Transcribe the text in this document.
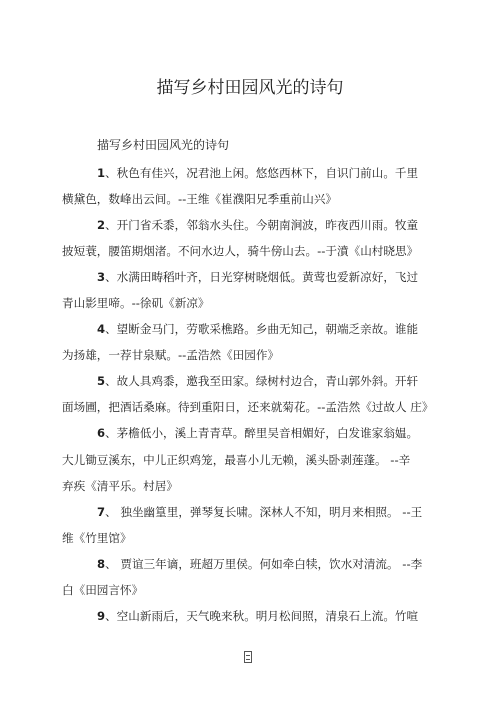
描写乡村田园风光的诗句
描写乡村田园风光的诗句
1、秋色有佳兴，况君池上闲。悠悠西林下，自识门前山。千里
横黛色，数峰出云间。--王维《崔濮阳兄季重前山兴》
2、开门省禾黍，邻翁水头住。今朝南涧波，昨夜西川雨。牧童
披短蓑，腰笛期烟渚。不问水边人，骑牛傍山去。--于濆《山村晓思》
3、水满田畴稻叶齐，日光穿树晓烟低。黄莺也爱新凉好，飞过
青山影里啼。--徐矶《新凉》
4、望断金马门，劳歌采樵路。乡曲无知己，朝端乏亲故。谁能
为扬雄，一荐甘泉赋。--孟浩然《田园作》
5、故人具鸡黍，邀我至田家。绿树村边合，青山郭外斜。开轩
面场圃，把酒话桑麻。待到重阳日，还来就菊花。--孟浩然《过故人 庄》
6、茅檐低小，溪上青青草。醉里吴音相媚好，白发谁家翁媪。
大儿锄豆溪东，中儿正织鸡笼，最喜小儿无赖，溪头卧剥莲蓬。 --辛
弃疾《清平乐。村居》
7、 独坐幽篁里，弹琴复长啸。深林人不知，明月来相照。 --王
维《竹里馆》
8、 贾谊三年谪，班超万里侯。何如牵白犊，饮水对清流。 --李
白《田园言怀》
9、空山新雨后，天气晚来秋。明月松间照，清泉石上流。竹喧
